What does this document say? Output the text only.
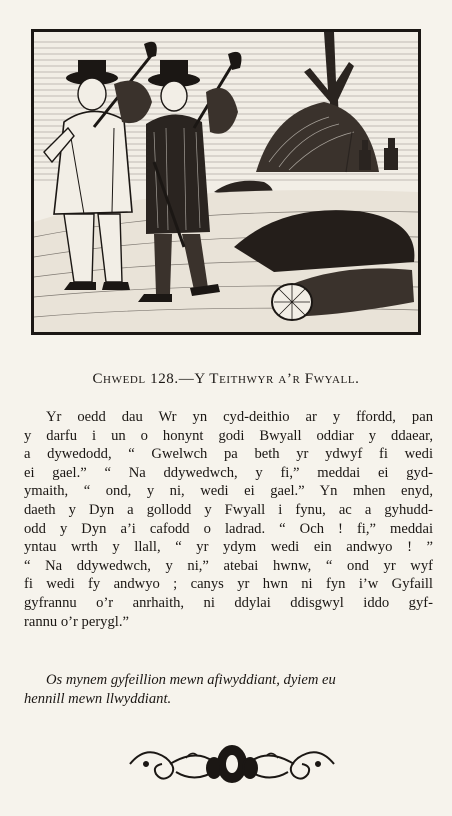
Chwedl 128.—Y Teithwyr a’r Fwyall.
Yr oedd dau Wr yn cyd-deithio ar y ffordd, pan
y darfu i un o honynt godi Bwyall oddiar y ddaear,
a dywedodd, “ Gwelwch pa beth yr ydwyf fi wedi
ei gael.” “ Na ddywedwch, y fi,” meddai ei gyd-
ymaith, “ ond, y ni, wedi ei gael.” Yn mhen enyd,
daeth y Dyn a gollodd y Fwyall i fynu, ac a gyhudd-
odd y Dyn a’i cafodd o ladrad. “ Och ! fi,” meddai
yntau wrth y llall, “ yr ydym wedi ein andwyo ! ”
“ Na ddywedwch, y ni,” atebai hwnw, “ ond yr wyf
fi wedi fy andwyo ; canys yr hwn ni fyn i’w Gyfaill
gyfrannu o’r anrhaith, ni ddylai ddisgwyl iddo gyf-
rannu o’r perygl.”
Os mynem gyfeillion mewn afiwyddiant, dyiem eu
hennill mewn llwyddiant.
